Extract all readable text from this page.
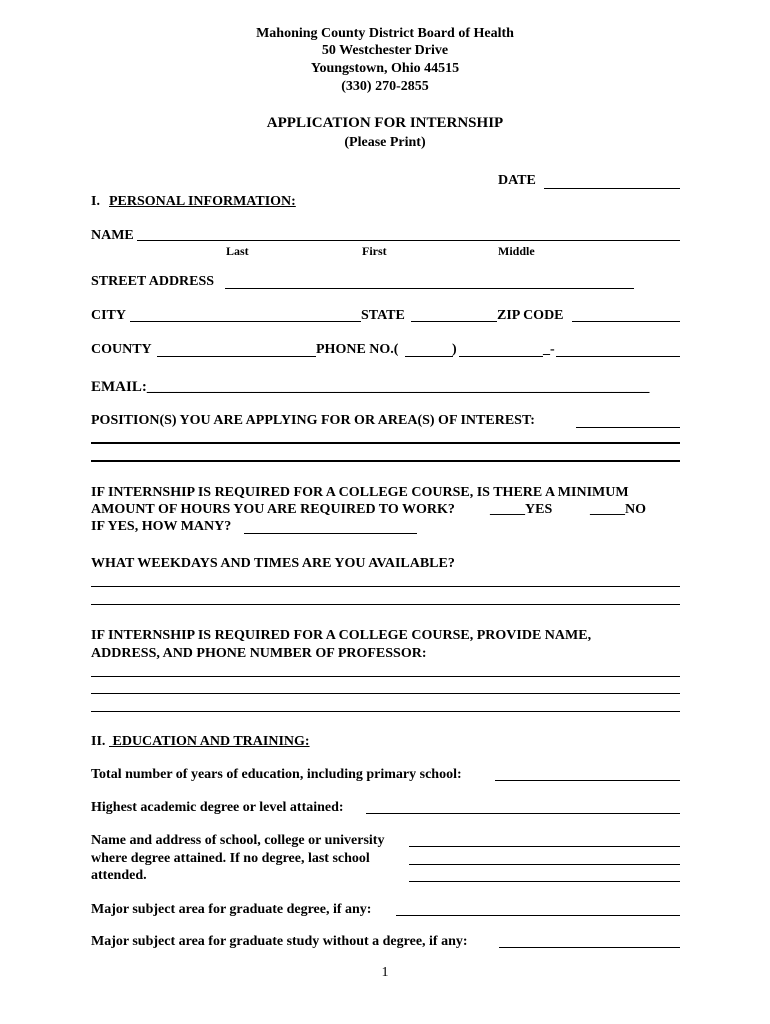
Mahoning County District Board of Health
50 Westchester Drive
Youngstown, Ohio 44515
(330) 270-2855
APPLICATION FOR INTERNSHIP
(Please Print)
DATE
I. PERSONAL INFORMATION:
NAME
Last	First	Middle
STREET ADDRESS
CITY	STATE	ZIP CODE
COUNTY	PHONE NO.(	)	_-
EMAIL:___________________________________________________________________
POSITION(S) YOU ARE APPLYING FOR OR AREA(S) OF INTEREST:
IF INTERNSHIP IS REQUIRED FOR A COLLEGE COURSE, IS THERE A MINIMUM
AMOUNT OF HOURS YOU ARE REQUIRED TO WORK?	_____YES	_____NO
IF YES, HOW MANY?
WHAT WEEKDAYS AND TIMES ARE YOU AVAILABLE?
IF INTERNSHIP IS REQUIRED FOR A COLLEGE COURSE, PROVIDE NAME,
ADDRESS, AND PHONE NUMBER OF PROFESSOR:
II. EDUCATION AND TRAINING:
Total number of years of education, including primary school:
Highest academic degree or level attained:
Name and address of school, college or university
where degree attained. If no degree, last school
attended.
Major subject area for graduate degree, if any:
Major subject area for graduate study without a degree, if any:
1
